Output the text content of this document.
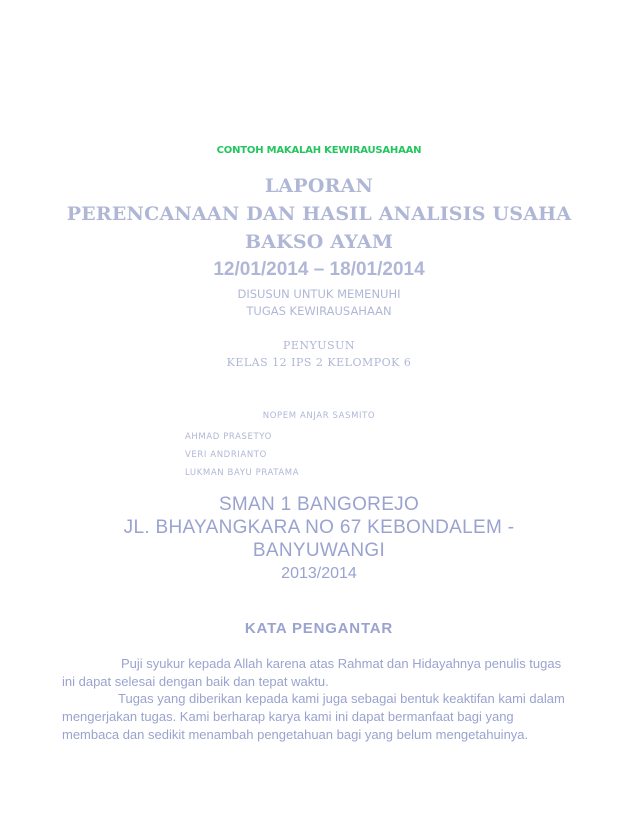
CONTOH MAKALAH KEWIRAUSAHAAN
LAPORAN
PERENCANAAN DAN HASIL ANALISIS USAHA
BAKSO AYAM
12/01/2014 – 18/01/2014
DISUSUN UNTUK MEMENUHI
TUGAS KEWIRAUSAHAAN
PENYUSUN
KELAS 12 IPS 2 KELOMPOK 6
NOPEM ANJAR SASMITO
AHMAD PRASETYO
VERI ANDRIANTO
LUKMAN BAYU PRATAMA
SMAN 1 BANGOREJO
JL. BHAYANGKARA NO 67 KEBONDALEM -
BANYUWANGI
2013/2014
KATA PENGANTAR
Puji syukur kepada Allah karena atas Rahmat dan Hidayahnya penulis tugas
ini dapat selesai dengan baik dan tepat waktu.
Tugas yang diberikan kepada kami juga sebagai bentuk keaktifan kami dalam
mengerjakan tugas. Kami berharap karya kami ini dapat bermanfaat bagi yang
membaca dan sedikit menambah pengetahuan bagi yang belum mengetahuinya.
